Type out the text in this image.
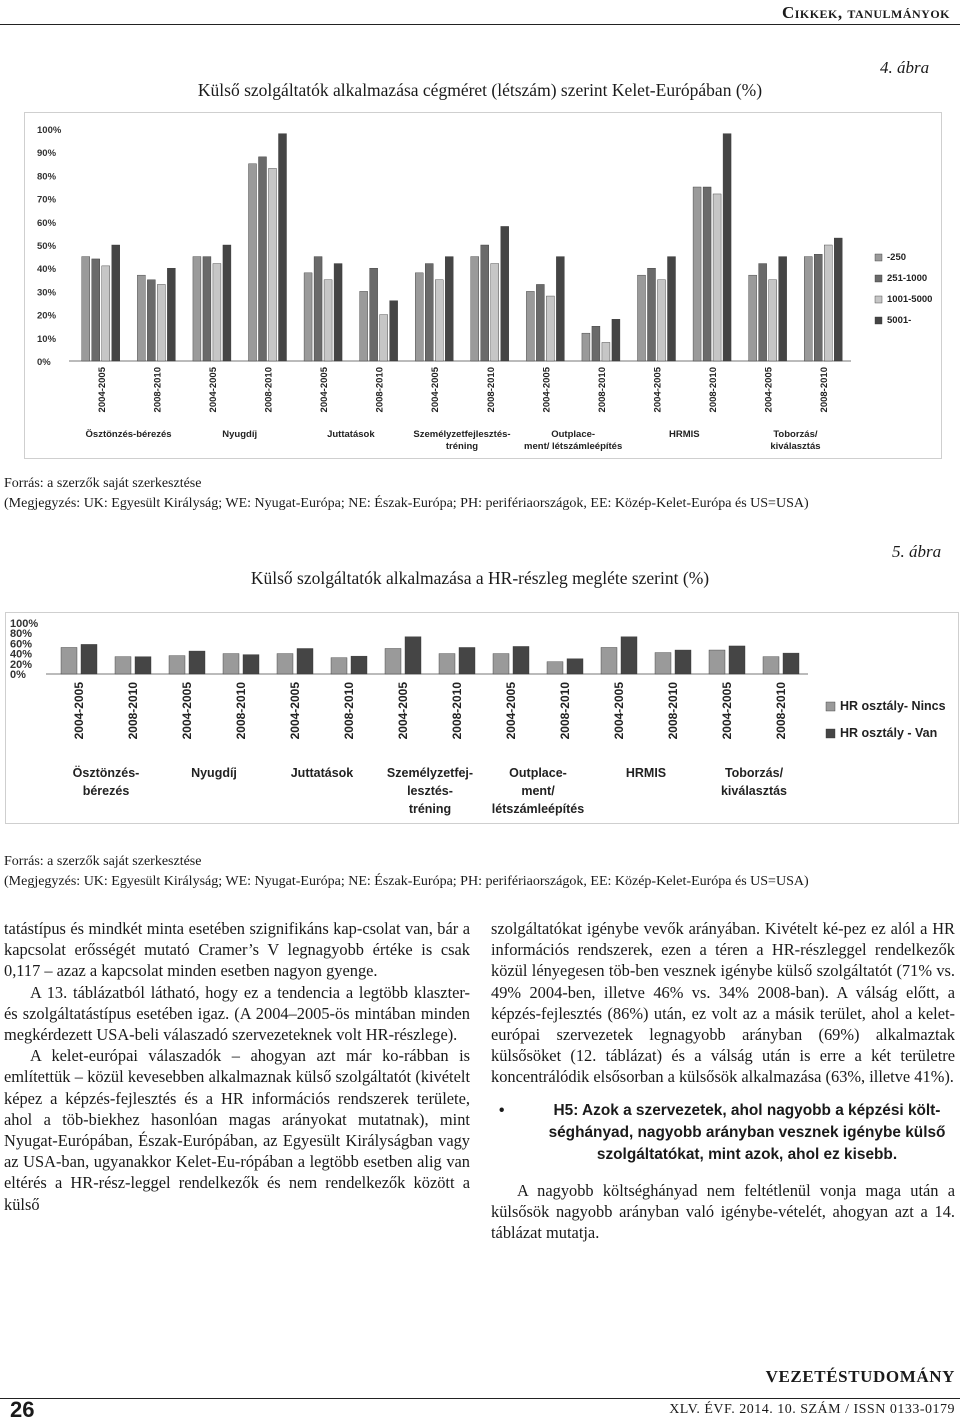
Cikkek, tanulmányok
4. ábra
Külső szolgáltatók alkalmazása cégméret (létszám) szerint Kelet-Európában (%)
0%
10%
20%
30%
40%
50%
60%
70%
80%
90%
100%
2004-2005	2008-2010	2004-2005	2008-2010	2004-2005	2008-2010	2004-2005	2008-2010	2004-2005	2008-2010	2004-2005	2008-2010	2004-2005	2008-2010
Ösztönzés-bérezés	Nyugdíj	Juttatások	Személyzetfejlesztés-
tréning
Outplace-
ment/ létszámleépítés
HRMIS	Toborzás/
kiválasztás
-250
251-1000
1001-5000
5001-
Forrás: a szerzők saját szerkesztése
(Megjegyzés: UK: Egyesült Királyság; WE: Nyugat-Európa; NE: Észak-Európa; PH: perifériaországok, EE: Közép-Kelet-Európa és US=USA)
5. ábra
Külső szolgáltatók alkalmazása a HR-részleg megléte szerint (%)
0%
20%
40%
60%
80%
100%
2004-2005	2008-2010	2004-2005	2008-2010	2004-2005	2008-2010	2004-2005	2008-2010	2004-2005	2008-2010	2004-2005	2008-2010	2004-2005	2008-2010
Ösztönzés-
bérezés
Nyugdíj	Juttatások	Személyzetfej-
lesztés-
tréning
Outplace-
ment/
létszámleépítés
HRMIS	Toborzás/
kiválasztás
HR osztály- Nincs
HR osztály - Van
Forrás: a szerzők saját szerkesztése
(Megjegyzés: UK: Egyesült Királyság; WE: Nyugat-Európa; NE: Észak-Európa; PH: perifériaországok, EE: Közép-Kelet-Európa és US=USA)

tatástípus és mindkét minta esetében szignifikáns kap-csolat van, bár a kapcsolat erősségét mutató Cramer’s V legnagyobb értéke is csak 0,117 – azaz a kapcsolat minden esetben nagyon gyenge.

A 13. táblázatból látható, hogy ez a tendencia a legtöbb klaszter- és szolgáltatástípus esetében igaz. (A 2004–2005-ös mintában minden megkérdezett USA-beli válaszadó szervezeteknek volt HR-részlege).

A kelet-európai válaszadók – ahogyan azt már ko-rábban is említettük – közül kevesebben alkalmaznak külső szolgáltatót (kivételt képez a képzés-fejlesztés és a HR információs rendszerek területe, ahol a töb-biekhez hasonlóan magas arányokat mutatnak), mint Nyugat-Európában, Észak-Európában, az Egyesült Királyságban vagy az USA-ban, ugyanakkor Kelet-Eu-rópában a legtöbb esetben alig van eltérés a HR-rész-leggel rendelkezők és nem rendelkezők között a külső

szolgáltatókat igénybe vevők arányában. Kivételt ké-pez ez alól a HR információs rendszerek, ezen a téren a HR-részleggel rendelkezők közül lényegesen töb-ben vesznek igénybe külső szolgáltatót (71% vs. 49% 2004-ben, illetve 46% vs. 34% 2008-ban). A válság előtt, a képzés-fejlesztés (86%) után, ez volt az a másik terület, ahol a kelet-európai szervezetek legnagyobb arányban (69%) alkalmaztak külsősöket (12. táblázat) és a válság után is erre a két területre koncentrálódik elsősorban a külsősök alkalmazása (63%, illetve 41%).

•	H5: Azok a szervezetek, ahol nagyobb a képzési költ-séghányad, nagyobb arányban vesznek igénybe külső szolgáltatókat, mint azok, ahol ez kisebb.

A nagyobb költséghányad nem feltétlenül vonja maga után a külsősök nagyobb arányban való igénybe-vételét, ahogyan azt a 14. táblázat mutatja.

VEZETÉSTUDOMÁNY
26	XLV. ÉVF. 2014. 10. SZÁM / ISSN 0133-0179
